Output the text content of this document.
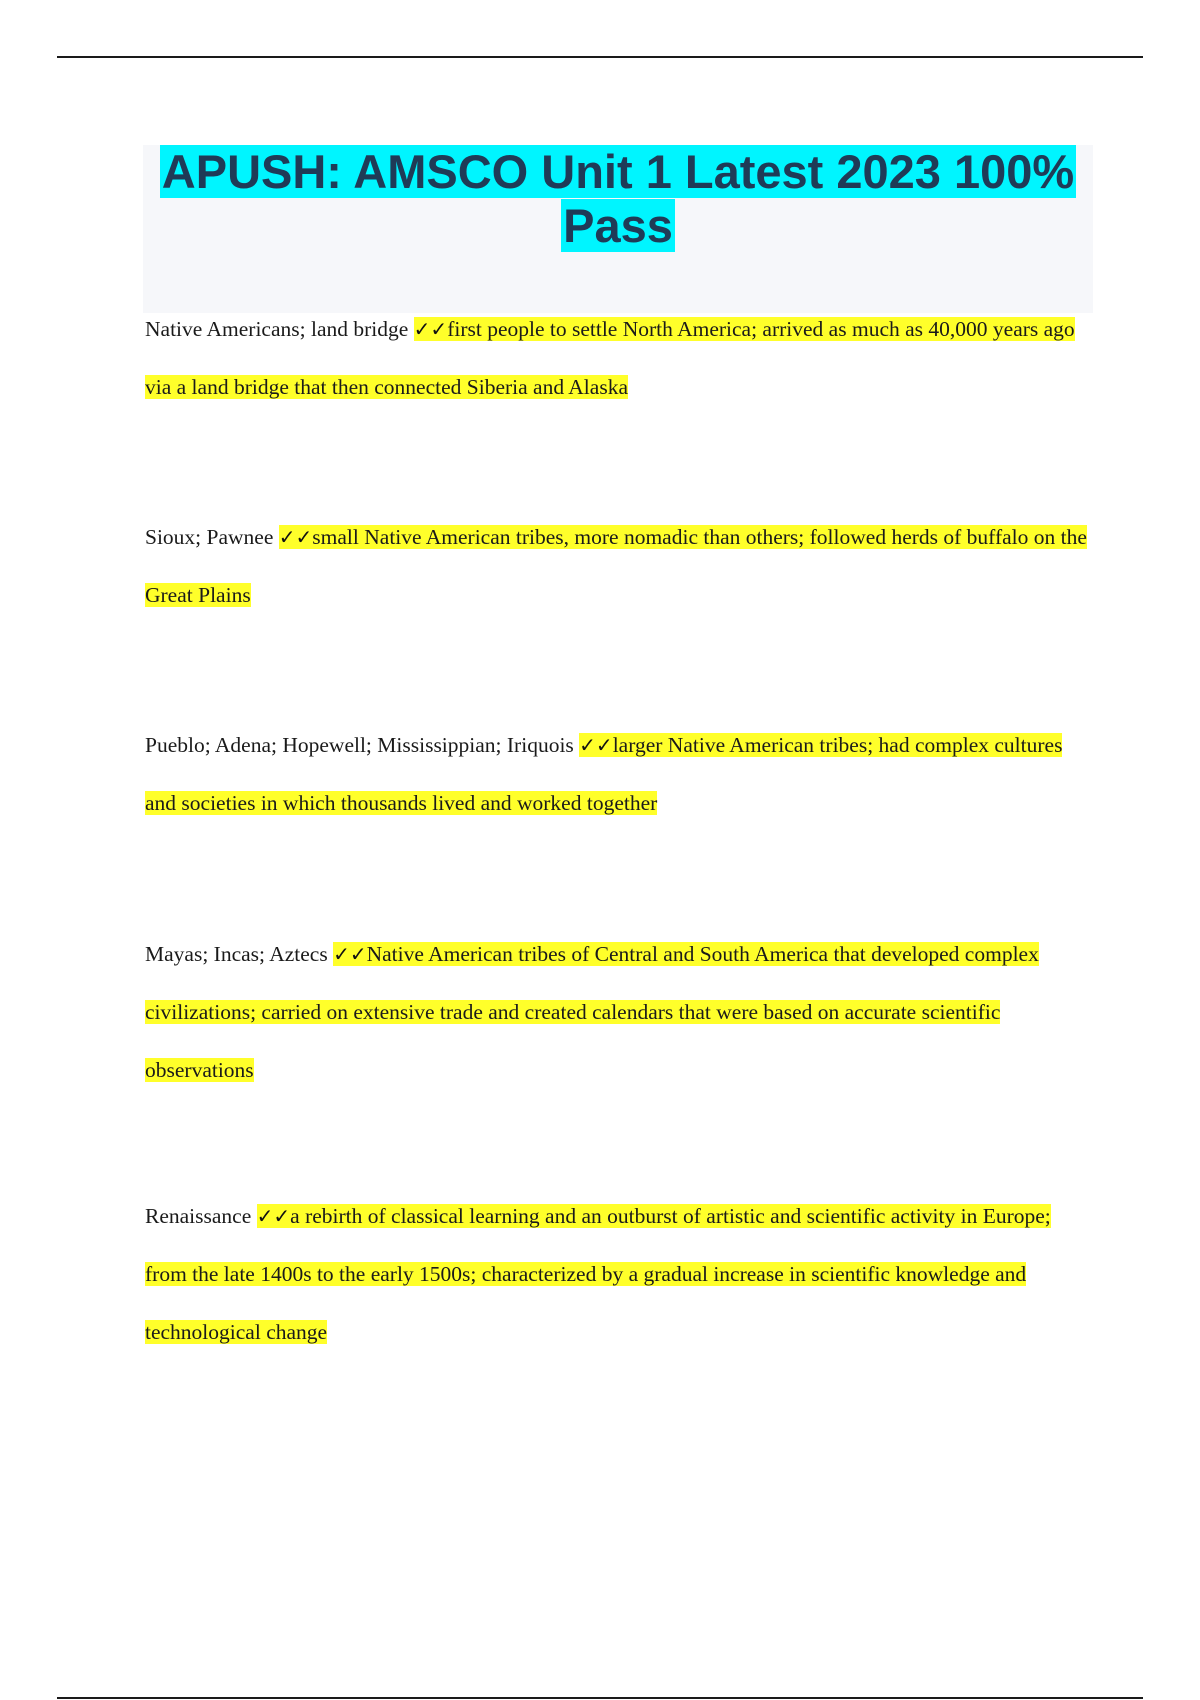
APUSH: AMSCO Unit 1 Latest 2023 100%
Pass

Native Americans; land bridge ✓✓first people to settle North America; arrived as much as 40,000 years ago via a land bridge that then connected Siberia and Alaska

Sioux; Pawnee ✓✓small Native American tribes, more nomadic than others; followed herds of buffalo on the Great Plains

Pueblo; Adena; Hopewell; Mississippian; Iriquois ✓✓larger Native American tribes; had complex cultures and societies in which thousands lived and worked together

Mayas; Incas; Aztecs ✓✓Native American tribes of Central and South America that developed complex civilizations; carried on extensive trade and created calendars that were based on accurate scientific observations

Renaissance ✓✓a rebirth of classical learning and an outburst of artistic and scientific activity in Europe; from the late 1400s to the early 1500s; characterized by a gradual increase in scientific knowledge and technological change
